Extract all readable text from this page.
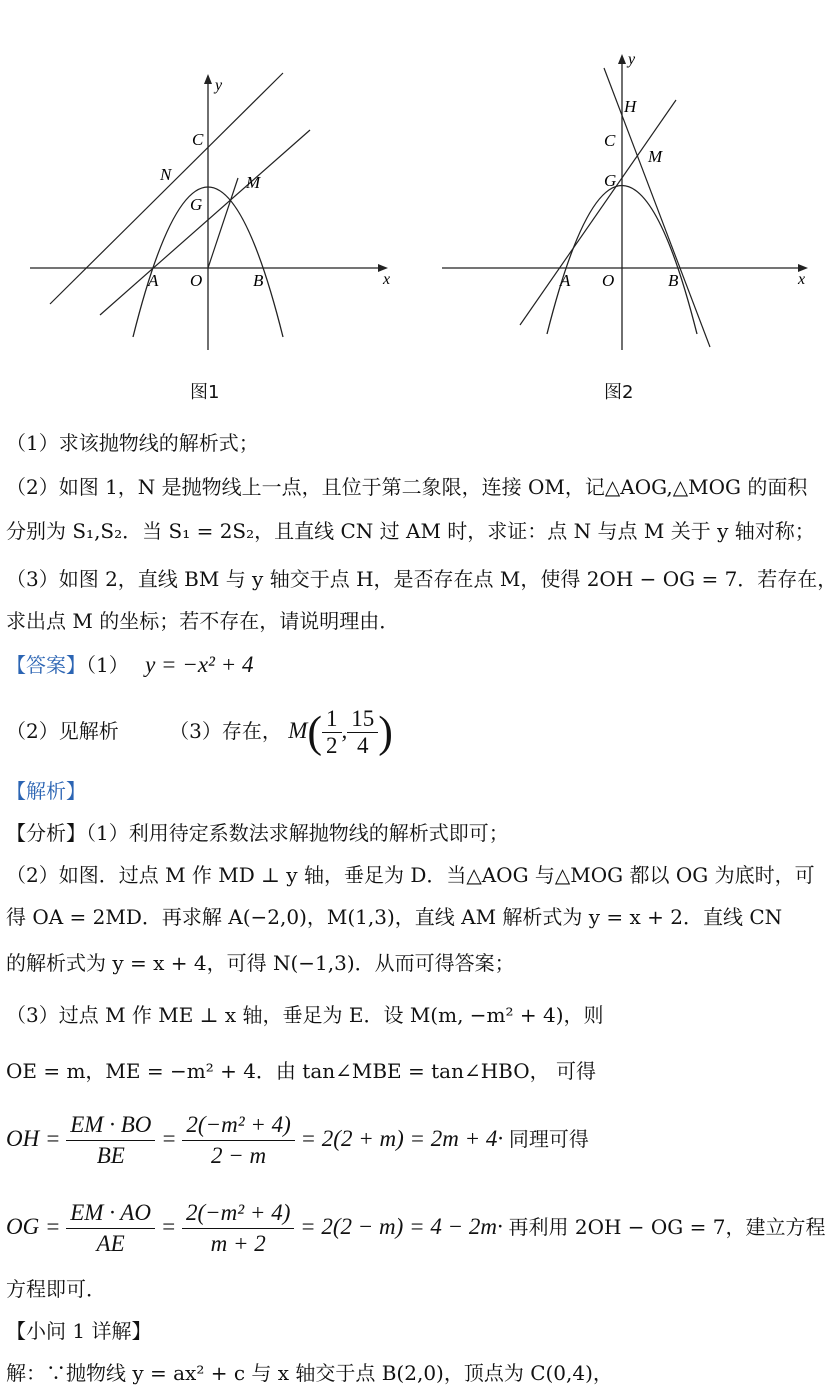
y
x
C
N	M
G
A O	B
图1
y
x
H
C
M
G
A O	B
图2
（1）求该抛物线的解析式；
（2）如图 1，N 是抛物线上一点，且位于第二象限，连接 OM，记△AOG,△MOG 的面积
分别为 S₁,S₂．当 S₁ = 2S₂，且直线 CN 过 AM 时，求证：点 N 与点 M 关于 y 轴对称；
（3）如图 2，直线 BM 与 y 轴交于点 H，是否存在点 M，使得 2OH − OG = 7．若存在，
求出点 M 的坐标；若不存在，请说明理由．
【答案】（1） y = −x² + 4
（2）见解析	（3）存在， $M( \frac{1}{2}$ , $\frac{15}{4}$ )
【解析】
【分析】（1）利用待定系数法求解抛物线的解析式即可；
（2）如图．过点 M 作 MD ⊥ y 轴，垂足为 D．当△AOG 与△MOG 都以 OG 为底时，可
得 OA = 2MD．再求解 A(−2,0)，M(1,3)，直线 AM 解析式为 y = x + 2．直线 CN
的解析式为 y = x + 4，可得 N(−1,3)．从而可得答案；
（3）过点 M 作 ME ⊥ x 轴，垂足为 E．设 M(m, −m² + 4)，则
OE = m，ME = −m² + 4．由 tan∠MBE = tan∠HBO， 可得
OH = $\frac{EM \cdot BO}{BE} = \frac{\text{2(−m² + 4)}}{2 - m} = 2(2 + m) = 2m + 4\cdot$ 同理可得
OG = $\frac{EM \cdot AO}{AE} = \frac{\text{2(−m² + 4)}}{m + 2} = 2(2 - m) = 4 - 2m\cdot$ 再利用 2OH − OG = 7，建立方程
方程即可．
【小问 1 详解】
解：∵抛物线 y = ax² + c 与 x 轴交于点 B(2,0)，顶点为 C(0,4)，
